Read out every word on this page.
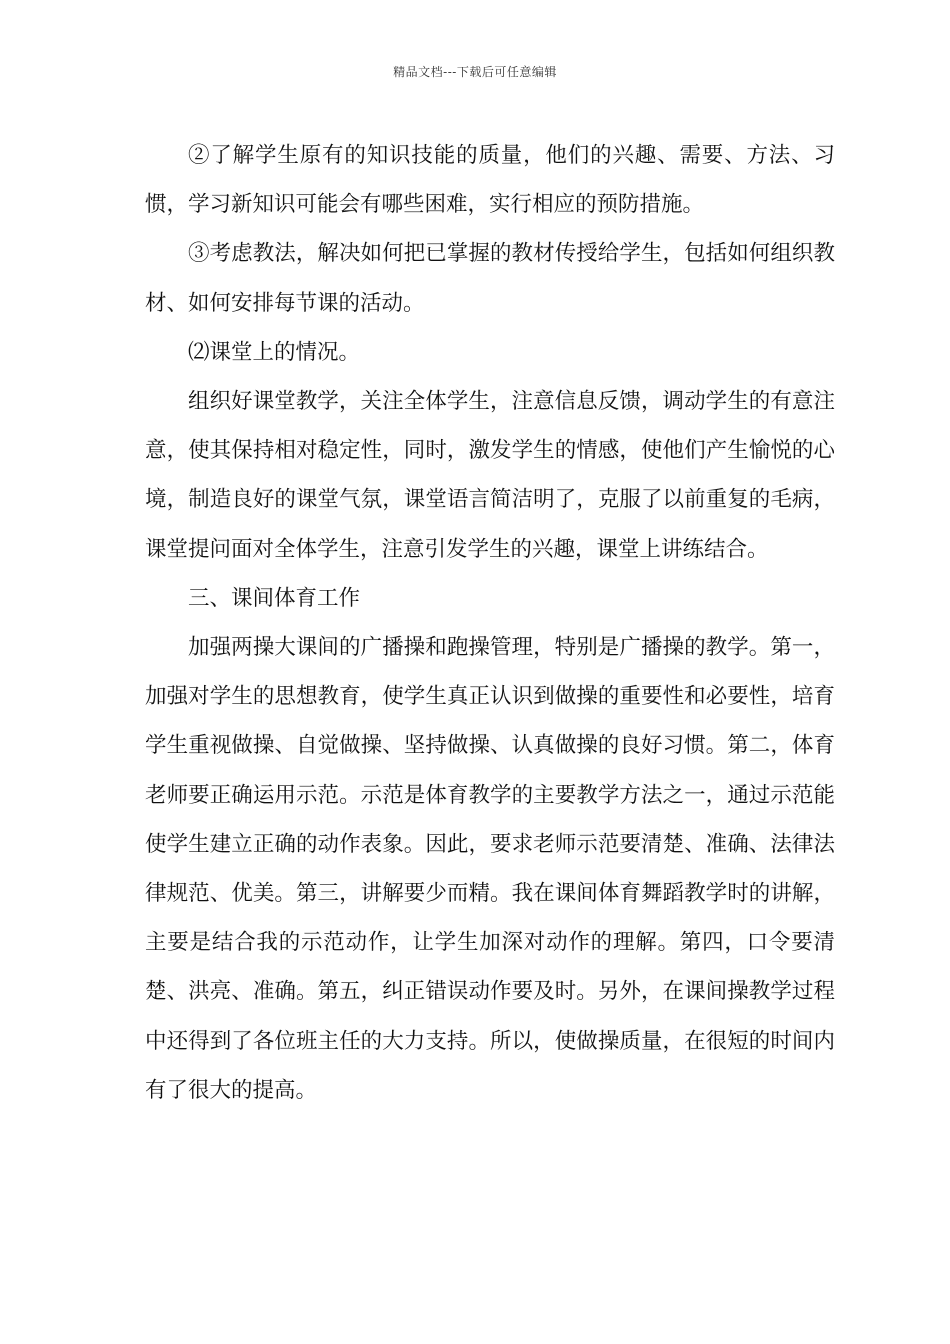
精品文档---下载后可任意编辑

②了解学生原有的知识技能的质量，他们的兴趣、需要、方法、习惯，学习新知识可能会有哪些困难，实行相应的预防措施。

③考虑教法，解决如何把已掌握的教材传授给学生，包括如何组织教材、如何安排每节课的活动。

⑵课堂上的情况。

组织好课堂教学，关注全体学生，注意信息反馈，调动学生的有意注意，使其保持相对稳定性，同时，激发学生的情感，使他们产生愉悦的心境，制造良好的课堂气氛，课堂语言简洁明了，克服了以前重复的毛病，课堂提问面对全体学生，注意引发学生的兴趣，课堂上讲练结合。

三、课间体育工作

加强两操大课间的广播操和跑操管理，特别是广播操的教学。第一，加强对学生的思想教育，使学生真正认识到做操的重要性和必要性，培育学生重视做操、自觉做操、坚持做操、认真做操的良好习惯。第二，体育老师要正确运用示范。示范是体育教学的主要教学方法之一，通过示范能使学生建立正确的动作表象。因此，要求老师示范要清楚、准确、法律法律规范、优美。第三，讲解要少而精。我在课间体育舞蹈教学时的讲解，主要是结合我的示范动作，让学生加深对动作的理解。第四，口令要清楚、洪亮、准确。第五，纠正错误动作要及时。另外，在课间操教学过程中还得到了各位班主任的大力支持。所以，使做操质量，在很短的时间内有了很大的提高。
